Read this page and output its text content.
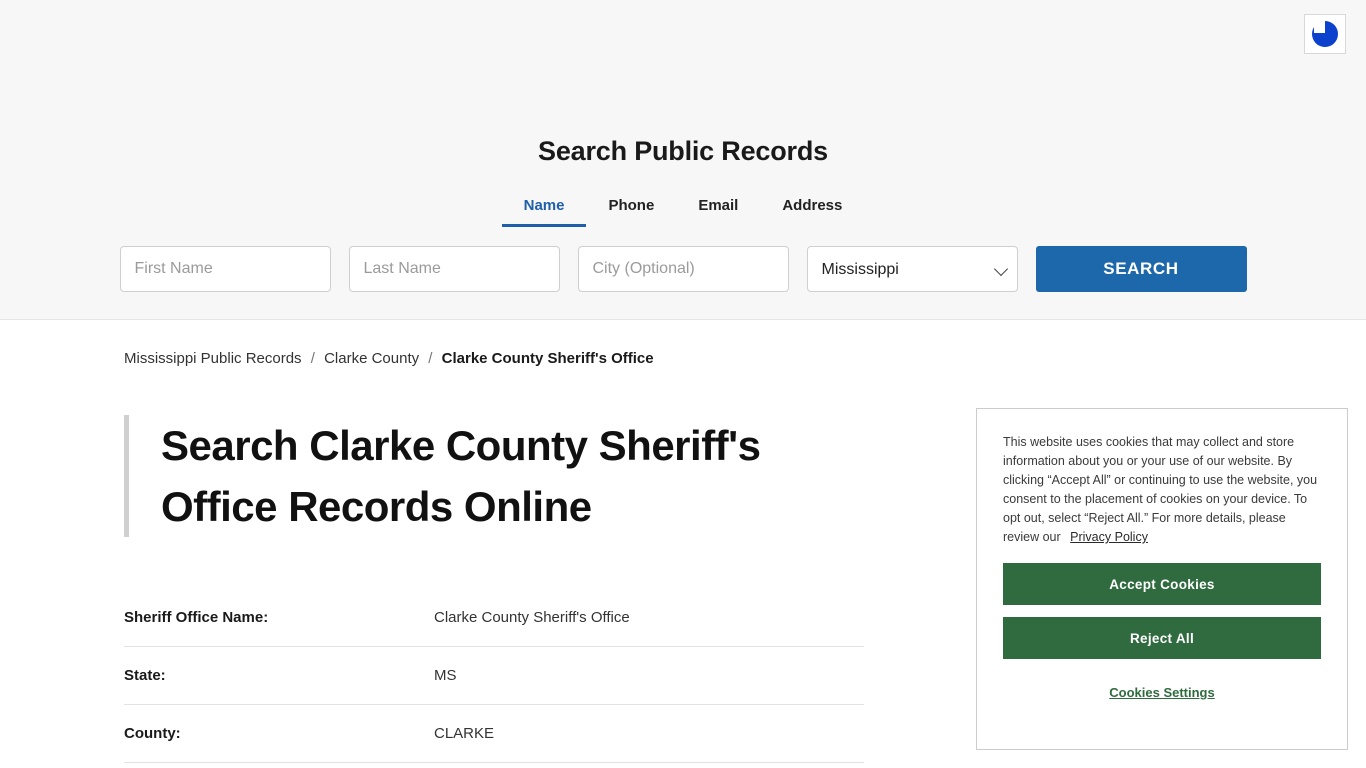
Search Public Records
Name	Phone	Email	Address
First Name
Last Name
City (Optional)
Mississippi
SEARCH
Mississippi Public Records / Clarke County / Clarke County Sheriff's Office
Search Clarke County Sheriff's Office Records Online
Sheriff Office Name:	Clarke County Sheriff's Office
State:	MS
County:	CLARKE
This website uses cookies that may collect and store information about you or your use of our website. By clicking “Accept All” or continuing to use the website, you consent to the placement of cookies on your device. To opt out, select “Reject All.” For more details, please review our Privacy Policy
Accept Cookies
Reject All
Cookies Settings
